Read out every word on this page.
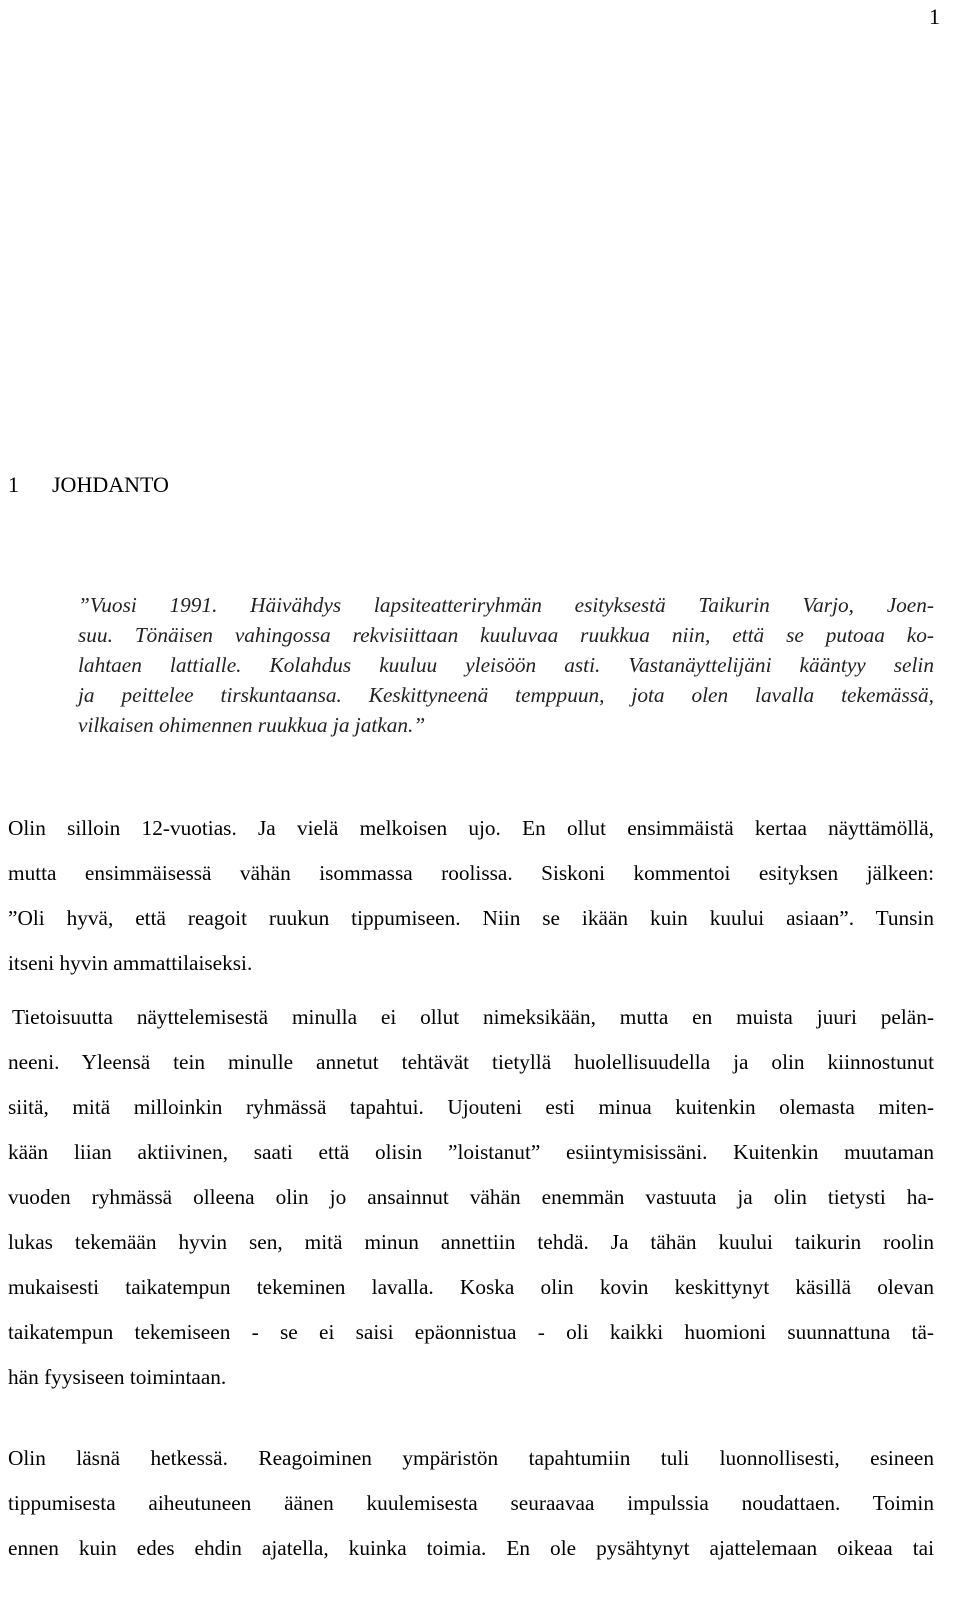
1
1 JOHDANTO
”Vuosi 1991. Häivähdys lapsiteatteriryhmän esityksestä Taikurin Varjo, Joen-
suu. Tönäisen vahingossa rekvisiittaan kuuluvaa ruukkua niin, että se putoaa ko-
lahtaen lattialle. Kolahdus kuuluu yleisöön asti. Vastanäyttelijäni kääntyy selin
ja peittelee tirskuntaansa. Keskittyneenä temppuun, jota olen lavalla tekemässä,
vilkaisen ohimennen ruukkua ja jatkan.”
Olin silloin 12-vuotias. Ja vielä melkoisen ujo. En ollut ensimmäistä kertaa näyttämöllä,
mutta ensimmäisessä vähän isommassa roolissa. Siskoni kommentoi esityksen jälkeen:
”Oli hyvä, että reagoit ruukun tippumiseen. Niin se ikään kuin kuului asiaan”. Tunsin
itseni hyvin ammattilaiseksi.
Tietoisuutta näyttelemisestä minulla ei ollut nimeksikään, mutta en muista juuri pelän-
neeni. Yleensä tein minulle annetut tehtävät tietyllä huolellisuudella ja olin kiinnostunut
siitä, mitä milloinkin ryhmässä tapahtui. Ujouteni esti minua kuitenkin olemasta miten-
kään liian aktiivinen, saati että olisin ”loistanut” esiintymisissäni. Kuitenkin muutaman
vuoden ryhmässä olleena olin jo ansainnut vähän enemmän vastuuta ja olin tietysti ha-
lukas tekemään hyvin sen, mitä minun annettiin tehdä. Ja tähän kuului taikurin roolin
mukaisesti taikatempun tekeminen lavalla. Koska olin kovin keskittynyt käsillä olevan
taikatempun tekemiseen - se ei saisi epäonnistua - oli kaikki huomioni suunnattuna tä-
hän fyysiseen toimintaan.
Olin läsnä hetkessä. Reagoiminen ympäristön tapahtumiin tuli luonnollisesti, esineen
tippumisesta aiheutuneen äänen kuulemisesta seuraavaa impulssia noudattaen. Toimin
ennen kuin edes ehdin ajatella, kuinka toimia. En ole pysähtynyt ajattelemaan oikeaa tai
